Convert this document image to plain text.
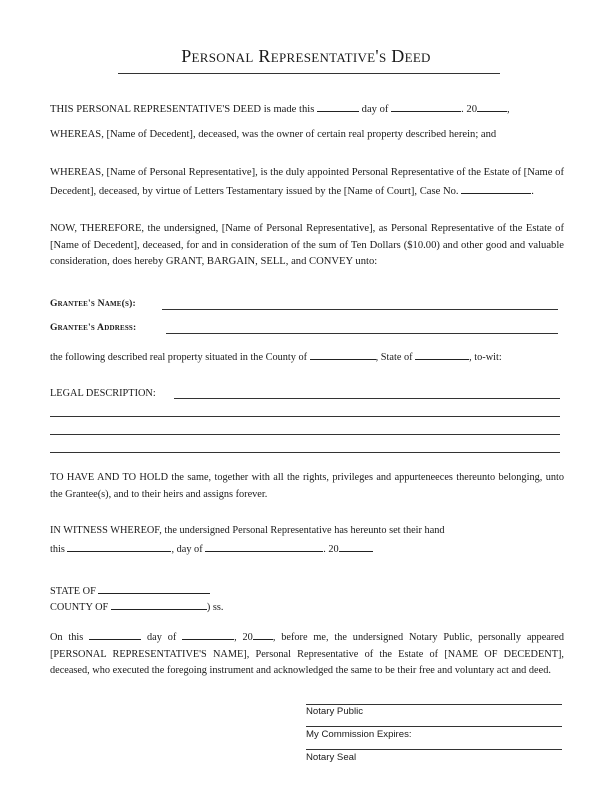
Personal Representative's Deed
THIS PERSONAL REPRESENTATIVE'S DEED is made this	day of	. 20	,
WHEREAS, [Name of Decedent], deceased, was the owner of certain real property described herein; and
WHEREAS, [Name of Personal Representative], is the duly appointed Personal Representative of the Estate of [Name of Decedent], deceased, by virtue of Letters Testamentary issued by the [Name of Court], Case No.	.
NOW, THEREFORE, the undersigned, [Name of Personal Representative], as Personal Representative of the Estate of [Name of Decedent], deceased, for and in consideration of the sum of Ten Dollars ($10.00) and other good and valuable consideration, does hereby GRANT, BARGAIN, SELL, and CONVEY unto:
Grantee's Name(s):
Grantee's Address:
the following described real property situated in the County of	, State of	, to-wit:
LEGAL DESCRIPTION:
TO HAVE AND TO HOLD the same, together with all the rights, privileges and appurteneeces thereunto belonging, unto the Grantee(s), and to their heirs and assigns forever.
IN WITNESS WHEREOF, the undersigned Personal Representative has hereunto set their hand
this	, day of	. 20
STATE OF
COUNTY OF	) ss.
On this	day of	, 20 , before me, the undersigned Notary Public, personally appeared [PERSONAL REPRESENTATIVE'S NAME], Personal Representative of the Estate of [NAME OF DECEDENT], deceased, who executed the foregoing instrument and acknowledged the same to be their free and voluntary act and deed.
Notary Public
My Commission Expires:
Notary Seal
